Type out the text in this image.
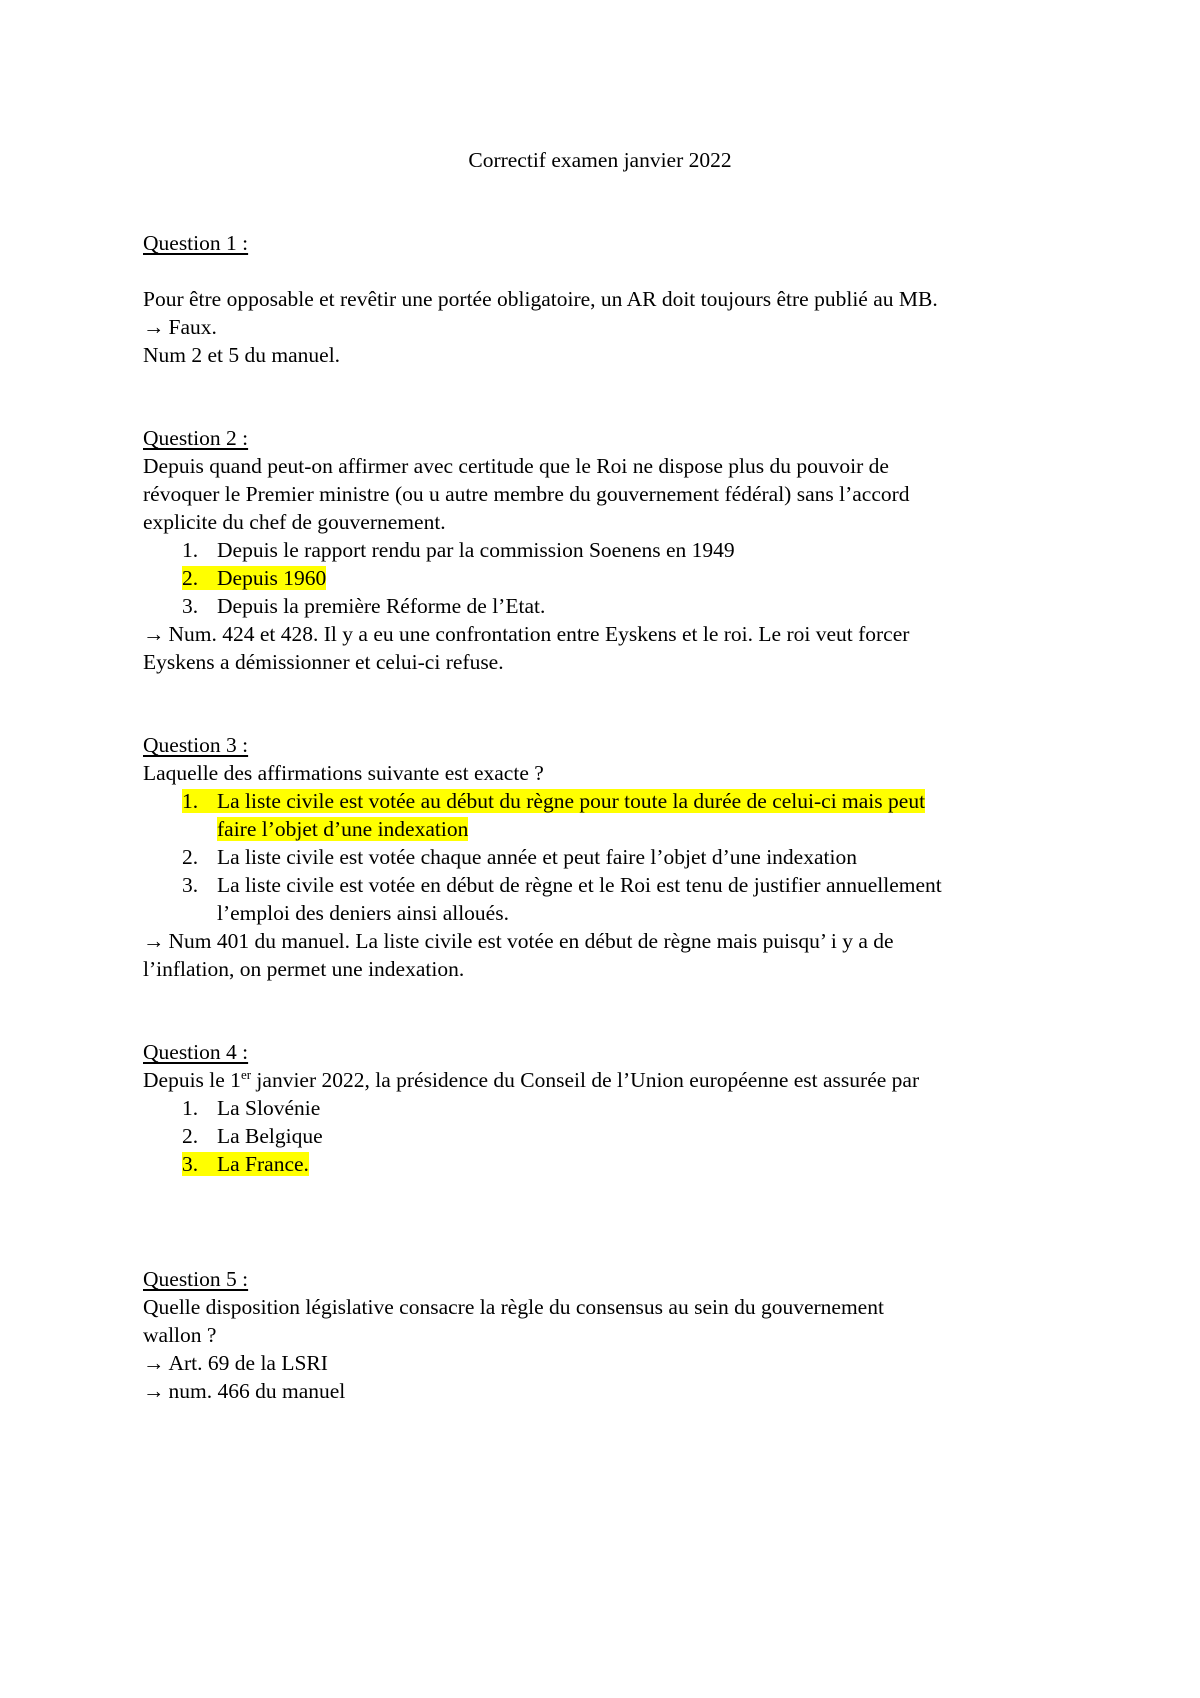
Correctif examen janvier 2022
Question 1 :
Pour être opposable et revêtir une portée obligatoire, un AR doit toujours être publié au MB.
→ Faux.
Num 2 et 5 du manuel.
Question 2 :
Depuis quand peut-on affirmer avec certitude que le Roi ne dispose plus du pouvoir de
révoquer le Premier ministre (ou u autre membre du gouvernement fédéral) sans l’accord
explicite du chef de gouvernement.
1. Depuis le rapport rendu par la commission Soenens en 1949
2. Depuis 1960
3. Depuis la première Réforme de l’Etat.
→ Num. 424 et 428. Il y a eu une confrontation entre Eyskens et le roi. Le roi veut forcer
Eyskens a démissionner et celui-ci refuse.
Question 3 :
Laquelle des affirmations suivante est exacte ?
1. La liste civile est votée au début du règne pour toute la durée de celui-ci mais peut
faire l’objet d’une indexation
2. La liste civile est votée chaque année et peut faire l’objet d’une indexation
3. La liste civile est votée en début de règne et le Roi est tenu de justifier annuellement
l’emploi des deniers ainsi alloués.
→ Num 401 du manuel. La liste civile est votée en début de règne mais puisqu’ i y a de
l’inflation, on permet une indexation.
Question 4 :
Depuis le 1er janvier 2022, la présidence du Conseil de l’Union européenne est assurée par
1. La Slovénie
2. La Belgique
3. La France.
Question 5 :
Quelle disposition législative consacre la règle du consensus au sein du gouvernement
wallon ?
→ Art. 69 de la LSRI
→ num. 466 du manuel
